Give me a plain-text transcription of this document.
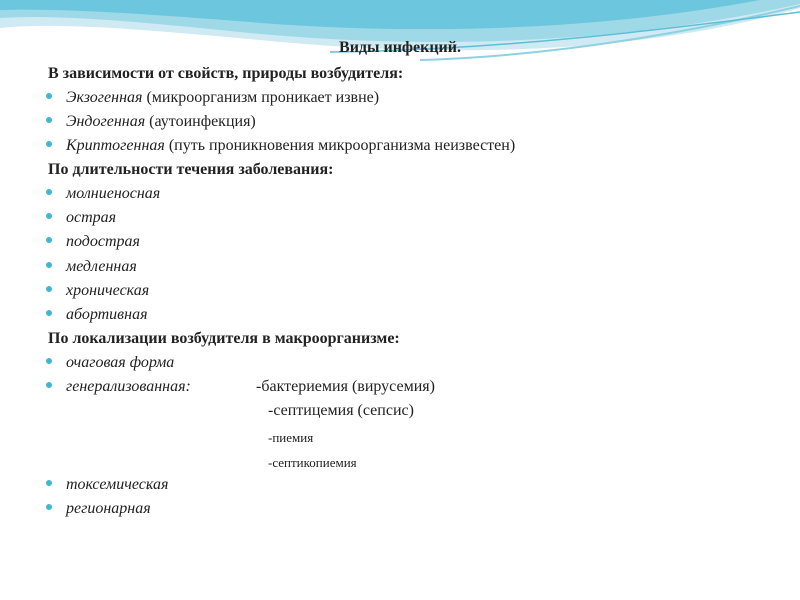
Виды инфекций.
В зависимости от свойств, природы возбудителя:
Экзогенная (микроорганизм проникает извне)
Эндогенная (аутоинфекция)
Криптогенная (путь проникновения микроорганизма неизвестен)
По длительности течения заболевания:
молниеносная
острая
подострая
медленная
хроническая
абортивная
По локализации возбудителя в макроорганизме:
очаговая форма
генерализованная:	-бактериемия (вирусемия)
-септицемия (сепсис)
-пиемия
-септикопиемия
токсемическая
регионарная
